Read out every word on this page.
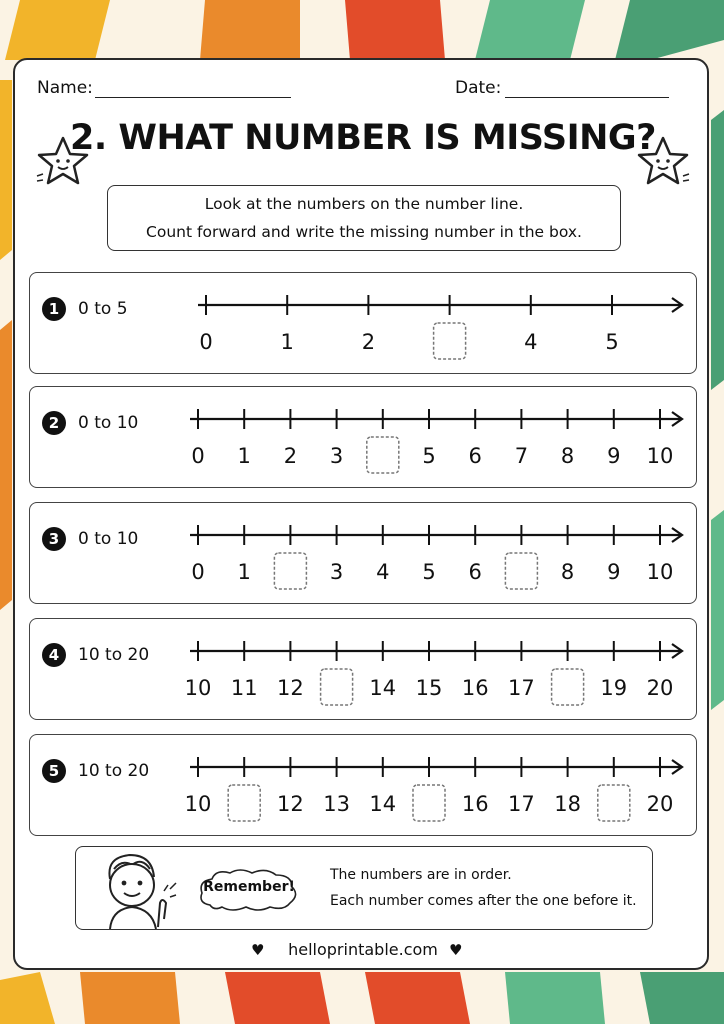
Name:	Date:
2. WHAT NUMBER IS MISSING?
Look at the numbers on the number line.
Count forward and write the missing number in the box.
1	0 to 5
0	1	2	4	5
2	0 to 10
0 1 2 3	5 6 7 8 9 10
3	0 to 10
0 1	3 4 5 6	8 9 10
4	10 to 20
10 11 12	14 15 16 17	19 20
5	10 to 20
10	12 13 14	16 17 18	20
Remember!
The numbers are in order.
Each number comes after the one before it.
♥	helloprintable.com ♥
